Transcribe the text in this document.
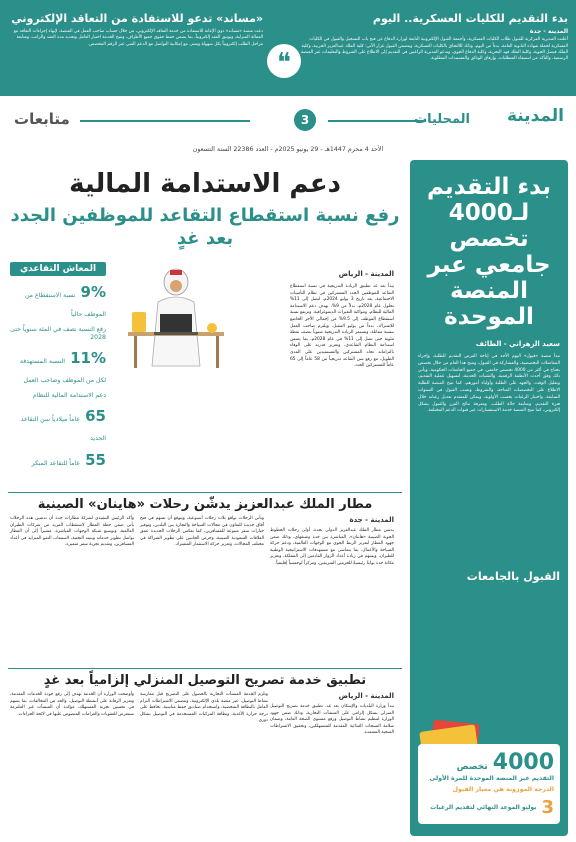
بدء التقديم للكليات العسكرية.. اليوم
المدينة - جدة
أعلنت المديرية المركزية للقبول طلاب الكليات العسكرية، وأجمعة القبول الإلكترونية التابعة لوزارة الدفاع عن فتح باب التسجيل والقبول في الكليات العسكرية لحملة شهادة الثانوية العامة، بدءاً من اليوم، وذلك للالتحاق بالكليات العسكرية، ويتضمن القبول غرار الآتي: كلية الملك عبدالعزيز الحربية، وكلية الملك فيصل الجوية، وكلية الملك فهد البحرية، وكلية الدفاع الجوي، وتدعو المديرية الراغبين في التقديم إلى الاطلاع على الشروط والتعليمات عبر المنصة الرسمية، والتأكد من استيفاء المتطلبات، وإرفاق الوثائق والمستندات المطلوبة.
❝
«مساند» تدعو للاستفادة من التعاقد الإلكتروني
دعت منصة «مساند» ذوي الإعانة للاستفادة من خدمة التعاقد الإلكتروني، من خلال حساب صاحب العمل في المنصة، لإنهاء إجراءات التعاقد مع العمالة المنزلية، وتوثيق العقد إلكترونياً، بما يضمن حفظ حقوق جميع الأطراف، وتتيح الخدمة اختيار العامل وتحديد مدة العقد والراتب، ومتابعة مراحل الطلب إلكترونياً بكل سهولة ويسر، مع إمكانية التواصل مع الدعم الفني عبر الرقم المخصص.
المدينة
المحليات
3
متابعات
الأحد 4 محرم 1447هـ - 29 يونيو 2025م - العدد 22386 السنة التسعون
بدء التقديم لـ4000 تخصص جامعي عبر المنصة الموحدة
سعيد الزهراني - الطائف
تبدأ منصة «قبول» اليوم الأحد في إتاحة الفرص التقديم للطلبة، وإجراء المفاضلات التخصصية، والمشاركة في القبول، وتتيح هذا العام من خلال تخصص يحتاج في أكثر من 4000 تخصص جامعي، في جميع الجامعات الحكومية، ويأتي ذلك وفق أحدث الأنظمة الرقمية، والتقنيات الحديثة، لتسهيل عملية التقديم، وتقليل الوقت، والجهد على الطلبة وأولياء أمورهم، كما تتيح المنصة للطلبة الاطلاع على التخصصات المتاحة، والشروط، ونسب القبول في السنوات السابقة، واختيار الرغبات بحسب الأولوية، ويمكن للمتقدم تعديل رغباته خلال فترة التقديم، ومتابعة حالة الطلب، ومعرفة نتائج الفرز والقبول بشكل إلكتروني، كما تتيح المنصة خدمة الاستفسارات عبر قنوات الدعم المختلفة.
القبول بالجامعات
4000 تخصص
التقديم عبر المنصة الموحدة للمرة الأولى
الدرجة الموزونة هي معيار القبول
3 يوليو الموعد النهائي لتقديم الرغبات
دعم الاستدامة المالية
رفع نسبة استقطاع التقاعد للموظفين الجدد بعد غدٍ
المدينة - الرياض
يبدأ بعد غد تطبيق الزيادة التدريجية في نسبة استقطاع التقاعد للموظفين الجدد المشتركين في نظام التأمينات الاجتماعية، بعد تاريخ 3 يوليو 2024م، لتصل إلى 11% بحلول عام 2028م، بدلاً من 9%، بهدف دعم الاستدامة المالية للنظام، ومواكبة التغيرات الديموغرافية. وترتفع نسبة استقطاع الموظف إلى 9.5% من إجمالي الأجر الخاضع للاشتراك، بدءاً من يوليو المقبل، ويلتزم صاحب العمل بنسبة مماثلة، وتستمر الزيادة التدريجية سنوياً بنصف نقطة مئوية حتى تصل إلى 11% في عام 2028م، بما يضمن استدامة النظام التقاعدي، وتعزيز قدرته على الوفاء بالتزاماته تجاه المشتركين والمستفيدين على المدى الطويل، مع رفع سن التقاعد تدريجياً من 58 عاماً إلى 65 عاماً للمشتركين الجدد.
المعاش التقاعدي
9% نسبة الاستقطاع من الموظف حالياً
رفع النسبة نصف في المئة سنوياً حتى 2028
11% النسبة المستهدفة لكل من الموظف وصاحب العمل
دعم الاستدامة المالية للنظام
65 عاماً ميلادياً سن التقاعد الجديد
55 عاماً للتقاعد المبكر
مطار الملك عبدالعزيز يدشّن رحلات «هاينان» الصينية
المدينة - جدة
يدشن مطار الملك عبدالعزيز الدولي بجدة، أولى رحلات الخطوط الجوية الصينية «هاينان»، المباشرة بين جدة وشنغهاي، وذلك ضمن جهود المطار لتعزيز الربط الجوي مع الوجهات العالمية، ودعم حركة السياحة والأعمال، بما يتماشى مع مستهدفات الاستراتيجية الوطنية للطيران، ويسهم في زيادة أعداد الزوار القادمين إلى المملكة، وتعزيز مكانة جدة بوابةً رئيسيةً للحرمين الشريفين، ومركزاً لوجستياً إقليمياً.
وتأتي الرحلات بواقع ثلاث رحلات أسبوعية، ويتوقع أن تسهم في فتح آفاق جديدة للتعاون في مجالات السياحة والتجارة بين البلدين، وتوفير خيارات سفر متنوعة للمسافرين، كما تعكس الرحلات الجديدة عمق العلاقات السعودية الصينية، وحرص الجانبين على تطوير الشراكة في مختلف المجالات، وتعزيز حركة الاستثمار المشترك.
وأكد الرئيس التنفيذي لشركة مطارات جدة أن تدشين هذه الرحلات يأتي ضمن خطة المطار لاستقطاب المزيد من شركات الطيران العالمية، وتوسيع شبكة الوجهات المباشرة، مشيراً إلى أن المطار يواصل تطوير خدماته وبنيته التحتية، لاستيعاب النمو المتزايد في أعداد المسافرين، وتقديم تجربة سفر متميزة.
تطبيق خدمة تصريح التوصيل المنزلي إلزامياً بعد غدٍ
المدينة - الرياض
تبدأ وزارة البلديات والإسكان بعد غد، تطبيق خدمة تصريح التوصيل المنزلي بشكل إلزامي على المنشآت التجارية، وذلك ضمن جهود الوزارة لتنظيم نشاط التوصيل ورفع مستوى الصحة العامة، وضمان سلامة المنتجات الغذائية المقدمة للمستهلكين، وتحقيق الاشتراطات الصحية المعتمدة.
وتلزم الخدمة المنشآت التجارية بالحصول على التصريح قبل ممارسة نشاط التوصيل، عبر منصة بلدي الإلكترونية، وتتضمن الاشتراطات التزام العامل بالنظافة الشخصية، واستخدام صناديق حفظ مناسبة، تحافظ على درجة حرارة الأغذية، ونظافة المركبات المستخدمة في التوصيل بشكل دوري.
وأوضحت الوزارة أن الخدمة تهدف إلى رفع جودة الخدمات المقدمة، وتعزيز الرقابة على أنشطة التوصيل، والحد من المخالفات، بما يسهم في تحسين تجربة المستهلك، مؤكدة أن المنشآت غير الملتزمة ستتعرض للعقوبات والغرامات المنصوص عليها في لائحة الجزاءات.
